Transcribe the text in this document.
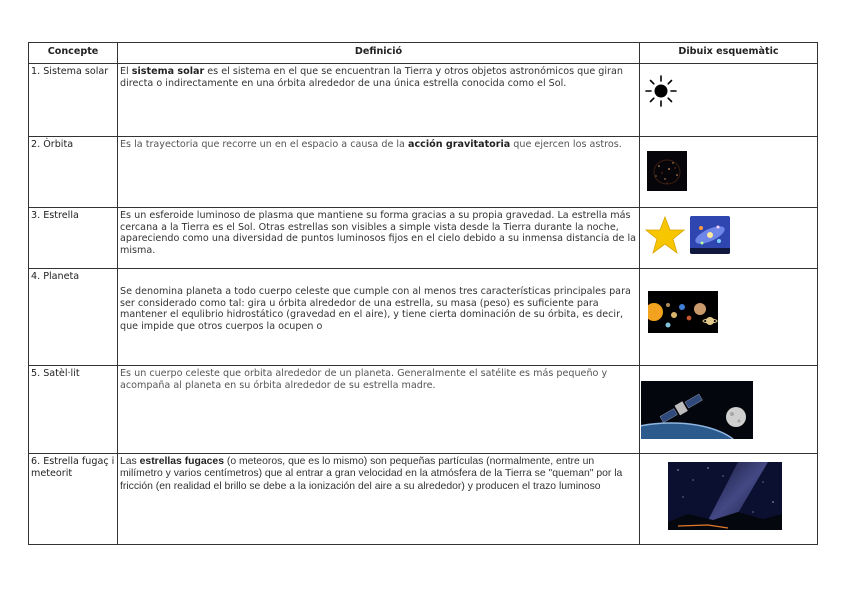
Concepte	Definició	Dibuix esquemàtic
1. Sistema solar	El sistema solar es el sistema en el que se encuentran la Tierra y otros objetos astronómicos que giran directa o indirectamente en una órbita alrededor de una única estrella conocida como el Sol.	

2. Òrbita	Es la trayectoria que recorre un en el espacio a causa de la acción gravitatoria que ejercen los astros.	

3. Estrella	Es un esferoide luminoso de plasma que mantiene su forma gracias a su propia gravedad. La estrella más cercana a la Tierra es el Sol. Otras estrellas son visibles a simple vista desde la Tierra durante la noche, apareciendo como una diversidad de puntos luminosos fijos en el cielo debido a su inmensa distancia de la misma.	

4. Planeta	Se denomina planeta a todo cuerpo celeste que cumple con al menos tres características principales para ser considerado como tal: gira u órbita alrededor de una estrella, su masa (peso) es suficiente para mantener el equlibrio hidrostático (gravedad en el aire), y tiene cierta dominación de su órbita, es decir, que impide que otros cuerpos la ocupen o	

5. Satèl·lit	Es un cuerpo celeste que orbita alrededor de un planeta. Generalmente el satélite es más pequeño y acompaña al planeta en su órbita alrededor de su estrella madre.	

6. Estrella fugaç i meteorit	Las estrellas fugaces (o meteoros, que es lo mismo) son pequeñas partículas (normalmente, entre un milímetro y varios centímetros) que al entrar a gran velocidad en la atmósfera de la Tierra se "queman" por la fricción (en realidad el brillo se debe a la ionización del aire a su alrededor) y producen el trazo luminoso	
